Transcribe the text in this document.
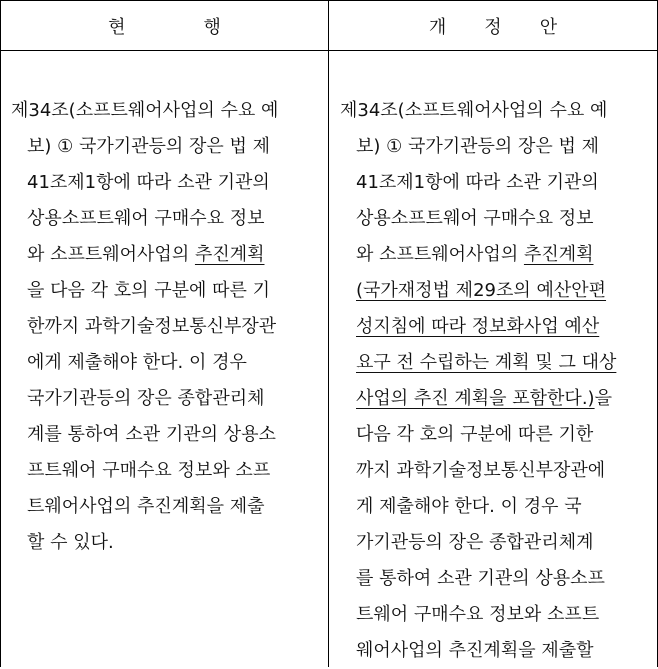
현	행	개 정 안
제34조(소프트웨어사업의 수요 예
보) ① 국가기관등의 장은 법 제
41조제1항에 따라 소관 기관의
상용소프트웨어 구매수요 정보
와 소프트웨어사업의 추진계획
을 다음 각 호의 구분에 따른 기
한까지 과학기술정보통신부장관
에게 제출해야 한다. 이 경우
국가기관등의 장은 종합관리체
계를 통하여 소관 기관의 상용소
프트웨어 구매수요 정보와 소프
트웨어사업의 추진계획을 제출
할 수 있다.
제34조(소프트웨어사업의 수요 예
보) ① 국가기관등의 장은 법 제
41조제1항에 따라 소관 기관의
상용소프트웨어 구매수요 정보
와 소프트웨어사업의 추진계획
(국가재정법 제29조의 예산안편
성지침에 따라 정보화사업 예산
요구 전 수립하는 계획 및 그 대상
사업의 추진 계획을 포함한다.)을
다음 각 호의 구분에 따른 기한
까지 과학기술정보통신부장관에
게 제출해야 한다. 이 경우 국
가기관등의 장은 종합관리체계
를 통하여 소관 기관의 상용소프
트웨어 구매수요 정보와 소프트
웨어사업의 추진계획을 제출할
